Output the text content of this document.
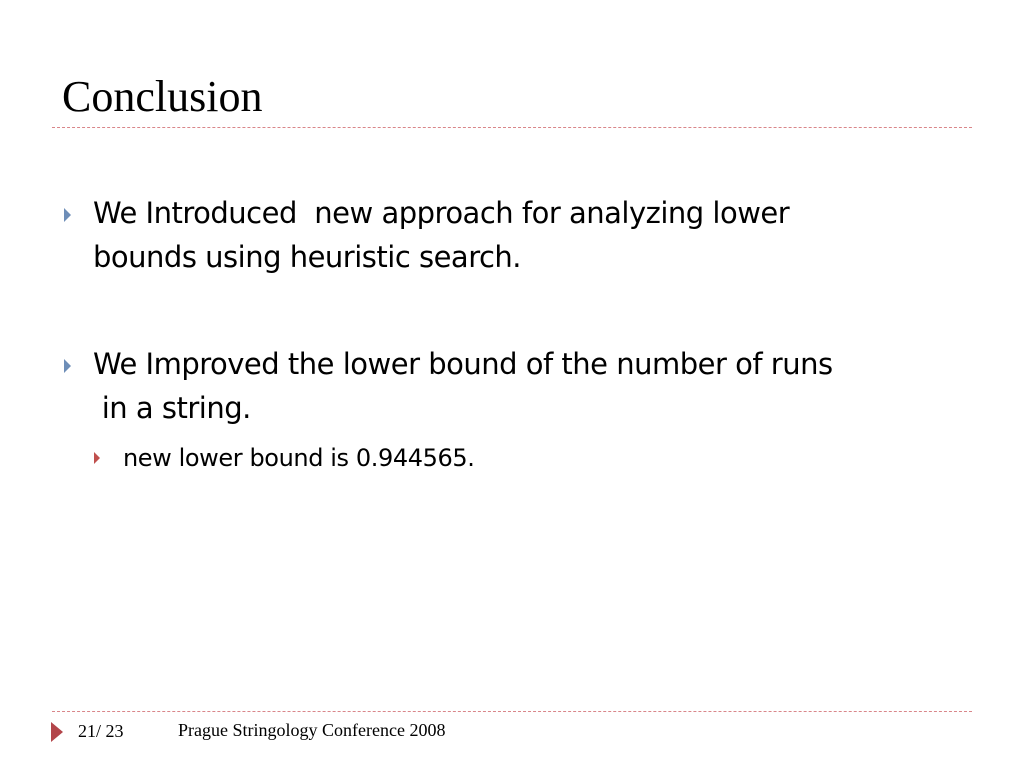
Conclusion
We Introduced  new approach for analyzing lower
bounds using heuristic search.
We Improved the lower bound of the number of runs
in a string.
new lower bound is 0.944565.
21/ 23	Prague Stringology Conference 2008
